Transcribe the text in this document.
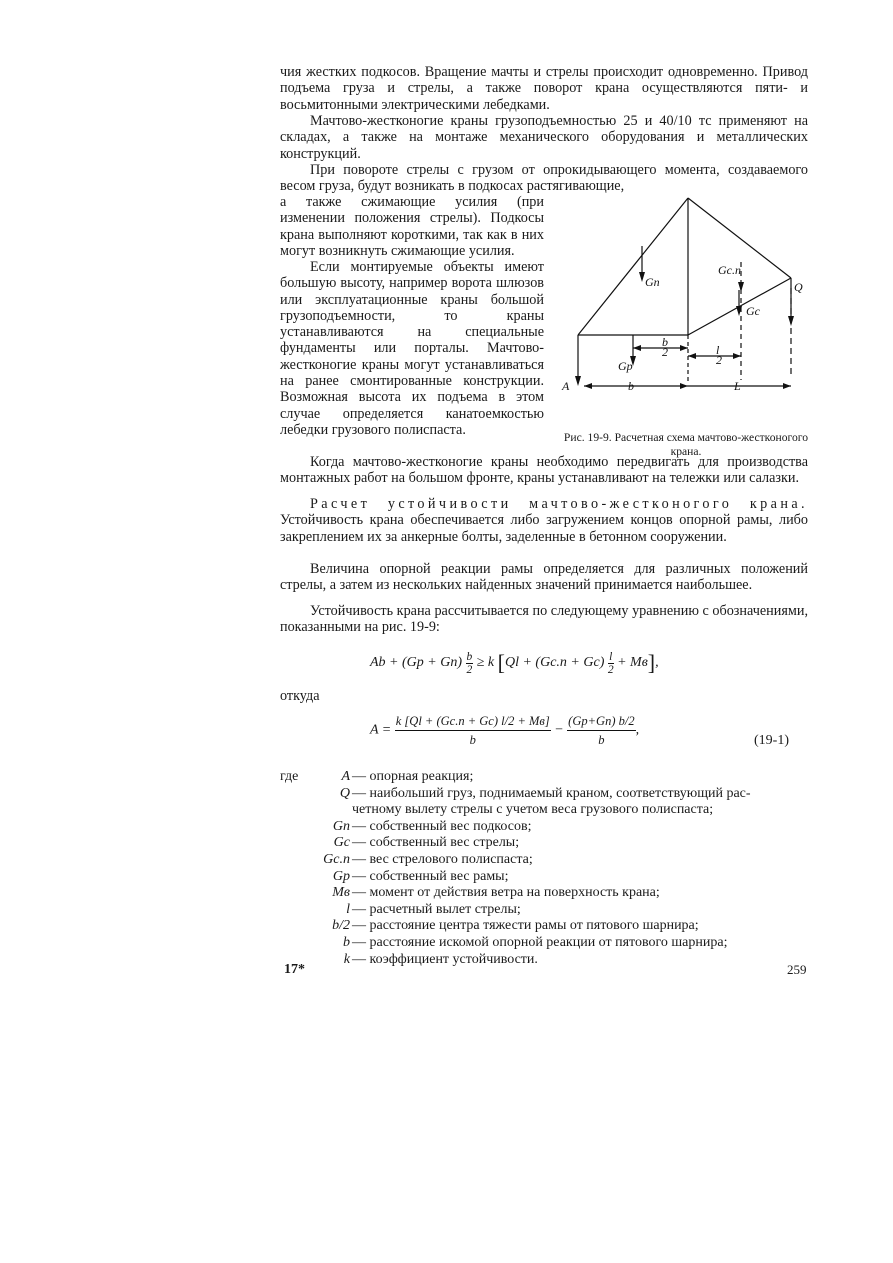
чия жестких подкосов. Вращение мачты и стрелы происходит одновременно. Привод подъема груза и стрелы, а также поворот крана осуществляются пяти- и восьмитонными электрическими лебедками.

Мачтово-жестконогие краны грузоподъемностью 25 и 40/10 тс применяют на складах, а также на монтаже механического оборудования и металлических конструкций.

При повороте стрелы с грузом от опрокидывающего момента, создаваемого весом груза, будут возникать в подкосах растягивающие,

а также сжимающие усилия (при изменении положения стрелы). Подкосы крана выполняют короткими, так как в них могут возникнуть сжимающие усилия.

Если монтируемые объекты имеют большую высоту, например ворота шлюзов или эксплуатационные краны большой грузоподъемности, то краны устанавливаются на специальные фундаменты или порталы. Мачтово-жестконогие краны могут устанавливаться на ранее смонтированные конструкции. Возможная высота их подъема в этом случае определяется канатоемкостью лебедки грузового полиспаста.

Gп
Gс.п
Q
Gс
Gр
b
2	l
2
A	b	L
Рис. 19-9. Расчетная схема мачтово-жестконогого крана.

Когда мачтово-жестконогие краны необходимо передвигать для производства монтажных работ на большом фронте, краны устанавливают на тележки или салазки.

Расчет устойчивости мачтово-жестконогого крана. Устойчивость крана обеспечивается либо загружением концов опорной рамы, либо закреплением их за анкерные болты, заделенные в бетонном сооружении.

Величина опорной реакции рамы определяется для различных положений стрелы, а затем из нескольких найденных значений принимается наибольшее.

Устойчивость крана рассчитывается по следующему уравнению с обозначениями, показанными на рис. 19-9:

$Ab + (Gр + Gп) \frac{b}{2} \ge k$ $[Ql + (Gс.п + Gс) \frac{l}{2} + Mв]$,
откуда
$A = \frac{k [Ql + (Gс.п + Gс) l/2 + Mв]}{b} - \frac{(Gр+Gп) b/2}{b}$ ,
(19-1)
где	A — опорная реакция;
Q — наибольший груз, поднимаемый краном, соответствующий рас-
четному вылету стрелы с учетом веса грузового полиспаста;
Gп — собственный вес подкосов;
Gс — собственный вес стрелы;
Gс.п — вес стрелового полиспаста;
Gр — собственный вес рамы;
Mв — момент от действия ветра на поверхность крана;
l — расчетный вылет стрелы;
b/2 — расстояние центра тяжести рамы от пятового шарнира;
b — расстояние искомой опорной реакции от пятового шарнира;
k — коэффициент устойчивости.
17*	259
